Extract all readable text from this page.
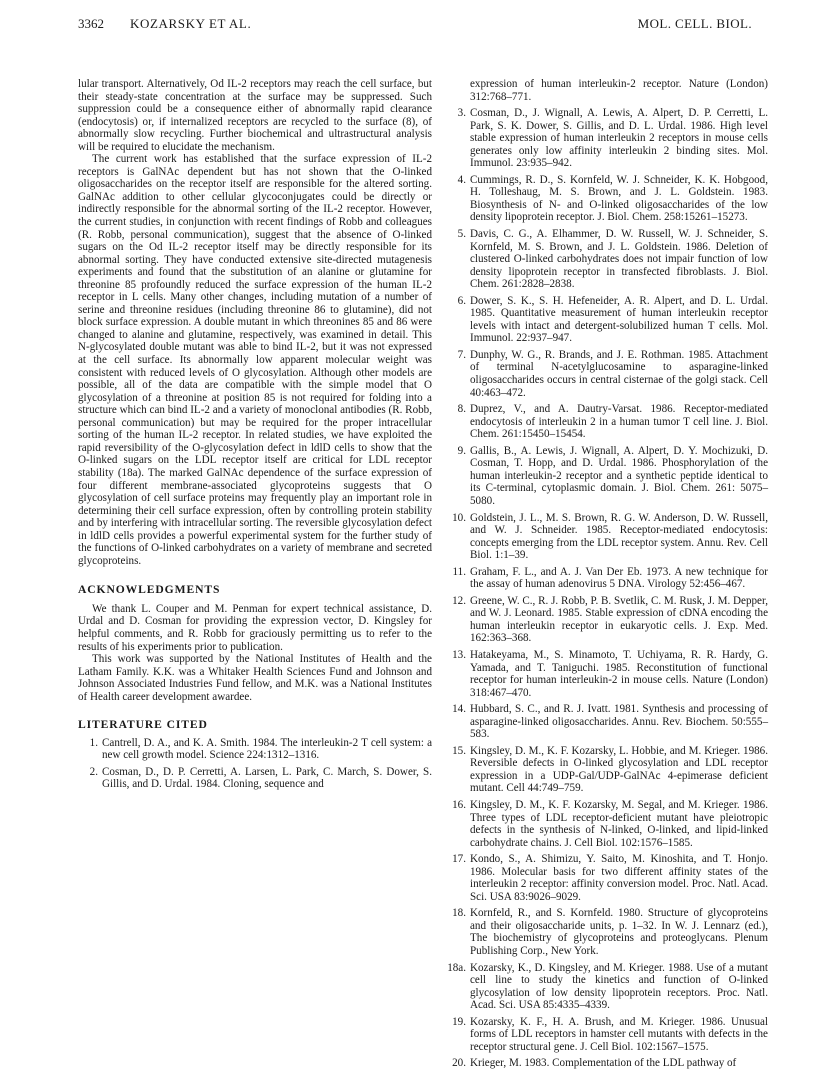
3362 KOZARSKY ET AL.	MOL. CELL. BIOL.

lular transport. Alternatively, Od IL-2 receptors may reach the cell surface, but their steady-state concentration at the surface may be suppressed. Such suppression could be a consequence either of abnormally rapid clearance (endocytosis) or, if internalized receptors are recycled to the surface (8), of abnormally slow recycling. Further biochemical and ultrastructural analysis will be required to elucidate the mechanism.

The current work has established that the surface expression of IL-2 receptors is GalNAc dependent but has not shown that the O-linked oligosaccharides on the receptor itself are responsible for the altered sorting. GalNAc addition to other cellular glycoconjugates could be directly or indirectly responsible for the abnormal sorting of the IL-2 receptor. However, the current studies, in conjunction with recent findings of Robb and colleagues (R. Robb, personal communication), suggest that the absence of O-linked sugars on the Od IL-2 receptor itself may be directly responsible for its abnormal sorting. They have conducted extensive site-directed mutagenesis experiments and found that the substitution of an alanine or glutamine for threonine 85 profoundly reduced the surface expression of the human IL-2 receptor in L cells. Many other changes, including mutation of a number of serine and threonine residues (including threonine 86 to glutamine), did not block surface expression. A double mutant in which threonines 85 and 86 were changed to alanine and glutamine, respectively, was examined in detail. This N-glycosylated double mutant was able to bind IL-2, but it was not expressed at the cell surface. Its abnormally low apparent molecular weight was consistent with reduced levels of O glycosylation. Although other models are possible, all of the data are compatible with the simple model that O glycosylation of a threonine at position 85 is not required for folding into a structure which can bind IL-2 and a variety of monoclonal antibodies (R. Robb, personal communication) but may be required for the proper intracellular sorting of the human IL-2 receptor. In related studies, we have exploited the rapid reversibility of the O-glycosylation defect in ldlD cells to show that the O-linked sugars on the LDL receptor itself are critical for LDL receptor stability (18a). The marked GalNAc dependence of the surface expression of four different membrane-associated glycoproteins suggests that O glycosylation of cell surface proteins may frequently play an important role in determining their cell surface expression, often by controlling protein stability and by interfering with intracellular sorting. The reversible glycosylation defect in ldlD cells provides a powerful experimental system for the further study of the functions of O-linked carbohydrates on a variety of membrane and secreted glycoproteins.

ACKNOWLEDGMENTS

We thank L. Couper and M. Penman for expert technical assistance, D. Urdal and D. Cosman for providing the expression vector, D. Kingsley for helpful comments, and R. Robb for graciously permitting us to refer to the results of his experiments prior to publication.

This work was supported by the National Institutes of Health and the Latham Family. K.K. was a Whitaker Health Sciences Fund and Johnson and Johnson Associated Industries Fund fellow, and M.K. was a National Institutes of Health career development awardee.

LITERATURE CITED

1. Cantrell, D. A., and K. A. Smith. 1984. The interleukin-2 T cell system: a new cell growth model. Science 224:1312–1316.
2. Cosman, D., D. P. Cerretti, A. Larsen, L. Park, C. March, S. Dower, S. Gillis, and D. Urdal. 1984. Cloning, sequence and

expression of human interleukin-2 receptor. Nature (London) 312:768–771.

3. Cosman, D., J. Wignall, A. Lewis, A. Alpert, D. P. Cerretti, L. Park, S. K. Dower, S. Gillis, and D. L. Urdal. 1986. High level stable expression of human interleukin 2 receptors in mouse cells generates only low affinity interleukin 2 binding sites. Mol. Immunol. 23:935–942.
4. Cummings, R. D., S. Kornfeld, W. J. Schneider, K. K. Hobgood, H. Tolleshaug, M. S. Brown, and J. L. Goldstein. 1983. Biosynthesis of N- and O-linked oligosaccharides of the low density lipoprotein receptor. J. Biol. Chem. 258:15261–15273.
5. Davis, C. G., A. Elhammer, D. W. Russell, W. J. Schneider, S. Kornfeld, M. S. Brown, and J. L. Goldstein. 1986. Deletion of clustered O-linked carbohydrates does not impair function of low density lipoprotein receptor in transfected fibroblasts. J. Biol. Chem. 261:2828–2838.
6. Dower, S. K., S. H. Hefeneider, A. R. Alpert, and D. L. Urdal. 1985. Quantitative measurement of human interleukin receptor levels with intact and detergent-solubilized human T cells. Mol. Immunol. 22:937–947.
7. Dunphy, W. G., R. Brands, and J. E. Rothman. 1985. Attachment of terminal N-acetylglucosamine to asparagine-linked oligosaccharides occurs in central cisternae of the golgi stack. Cell 40:463–472.
8. Duprez, V., and A. Dautry-Varsat. 1986. Receptor-mediated endocytosis of interleukin 2 in a human tumor T cell line. J. Biol. Chem. 261:15450–15454.
9. Gallis, B., A. Lewis, J. Wignall, A. Alpert, D. Y. Mochizuki, D. Cosman, T. Hopp, and D. Urdal. 1986. Phosphorylation of the human interleukin-2 receptor and a synthetic peptide identical to its C-terminal, cytoplasmic domain. J. Biol. Chem. 261: 5075–5080.
10. Goldstein, J. L., M. S. Brown, R. G. W. Anderson, D. W. Russell, and W. J. Schneider. 1985. Receptor-mediated endocytosis: concepts emerging from the LDL receptor system. Annu. Rev. Cell Biol. 1:1–39.
11. Graham, F. L., and A. J. Van Der Eb. 1973. A new technique for the assay of human adenovirus 5 DNA. Virology 52:456–467.
12. Greene, W. C., R. J. Robb, P. B. Svetlik, C. M. Rusk, J. M. Depper, and W. J. Leonard. 1985. Stable expression of cDNA encoding the human interleukin receptor in eukaryotic cells. J. Exp. Med. 162:363–368.
13. Hatakeyama, M., S. Minamoto, T. Uchiyama, R. R. Hardy, G. Yamada, and T. Taniguchi. 1985. Reconstitution of functional receptor for human interleukin-2 in mouse cells. Nature (London) 318:467–470.
14. Hubbard, S. C., and R. J. Ivatt. 1981. Synthesis and processing of asparagine-linked oligosaccharides. Annu. Rev. Biochem. 50:555–583.
15. Kingsley, D. M., K. F. Kozarsky, L. Hobbie, and M. Krieger. 1986. Reversible defects in O-linked glycosylation and LDL receptor expression in a UDP-Gal/UDP-GalNAc 4-epimerase deficient mutant. Cell 44:749–759.
16. Kingsley, D. M., K. F. Kozarsky, M. Segal, and M. Krieger. 1986. Three types of LDL receptor-deficient mutant have pleiotropic defects in the synthesis of N-linked, O-linked, and lipid-linked carbohydrate chains. J. Cell Biol. 102:1576–1585.
17. Kondo, S., A. Shimizu, Y. Saito, M. Kinoshita, and T. Honjo. 1986. Molecular basis for two different affinity states of the interleukin 2 receptor: affinity conversion model. Proc. Natl. Acad. Sci. USA 83:9026–9029.
18. Kornfeld, R., and S. Kornfeld. 1980. Structure of glycoproteins and their oligosaccharide units, p. 1–32. In W. J. Lennarz (ed.), The biochemistry of glycoproteins and proteoglycans. Plenum Publishing Corp., New York.
18a. Kozarsky, K., D. Kingsley, and M. Krieger. 1988. Use of a mutant cell line to study the kinetics and function of O-linked glycosylation of low density lipoprotein receptors. Proc. Natl. Acad. Sci. USA 85:4335–4339.
19. Kozarsky, K. F., H. A. Brush, and M. Krieger. 1986. Unusual forms of LDL receptors in hamster cell mutants with defects in the receptor structural gene. J. Cell Biol. 102:1567–1575.
20. Krieger, M. 1983. Complementation of the LDL pathway of
